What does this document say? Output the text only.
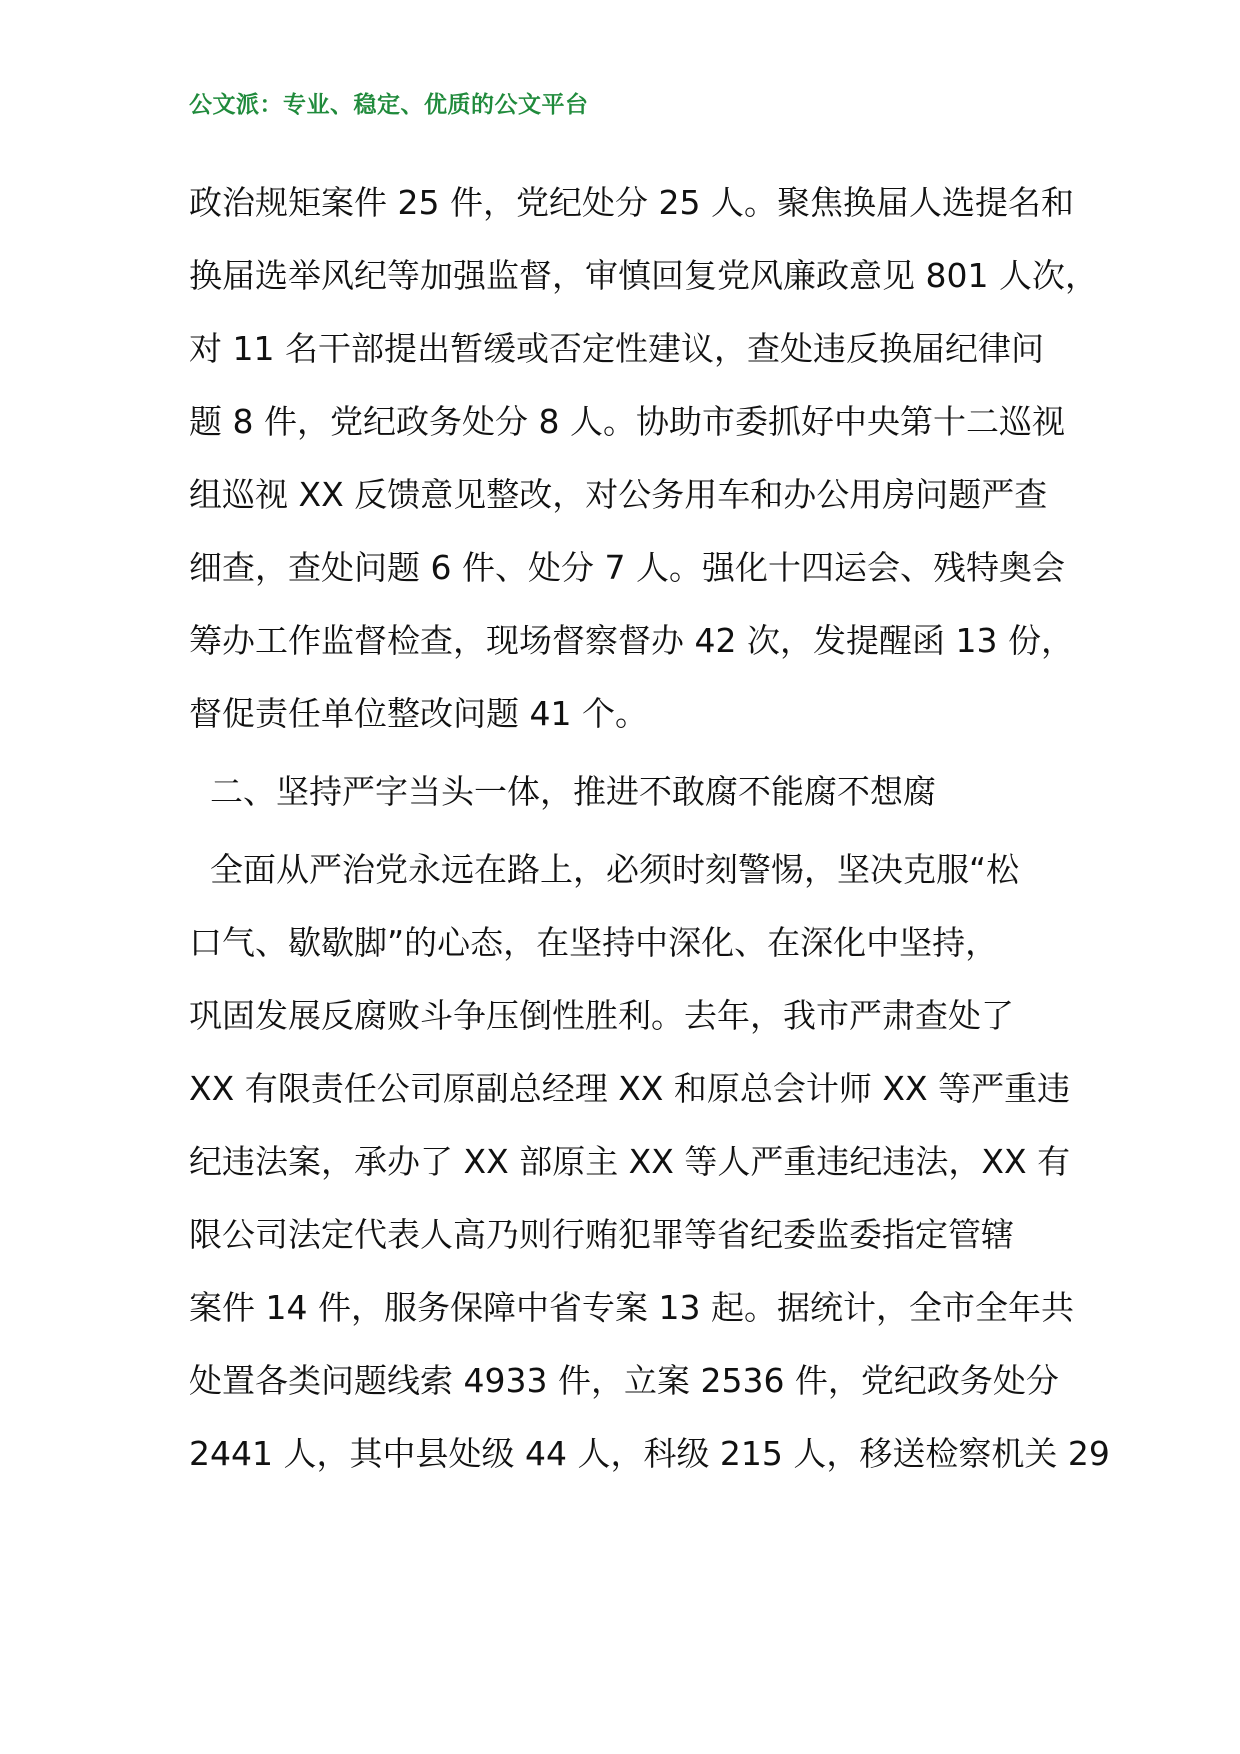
公文派：专业、稳定、优质的公文平台
政治规矩案件 25 件，党纪处分 25 人。聚焦换届人选提名和
换届选举风纪等加强监督，审慎回复党风廉政意见 801 人次，
对 11 名干部提出暂缓或否定性建议，查处违反换届纪律问
题 8 件，党纪政务处分 8 人。协助市委抓好中央第十二巡视
组巡视 XX 反馈意见整改，对公务用车和办公用房问题严查
细查，查处问题 6 件、处分 7 人。强化十四运会、残特奥会
筹办工作监督检查，现场督察督办 42 次，发提醒函 13 份，
督促责任单位整改问题 41 个。
二、坚持严字当头一体，推进不敢腐不能腐不想腐
全面从严治党永远在路上，必须时刻警惕，坚决克服“松
口气、歇歇脚”的心态，在坚持中深化、在深化中坚持，
巩固发展反腐败斗争压倒性胜利。去年，我市严肃查处了
XX 有限责任公司原副总经理 XX 和原总会计师 XX 等严重违
纪违法案，承办了 XX 部原主 XX 等人严重违纪违法，XX 有
限公司法定代表人高乃则行贿犯罪等省纪委监委指定管辖
案件 14 件，服务保障中省专案 13 起。据统计，全市全年共
处置各类问题线索 4933 件，立案 2536 件，党纪政务处分
2441 人，其中县处级 44 人，科级 215 人，移送检察机关 29
